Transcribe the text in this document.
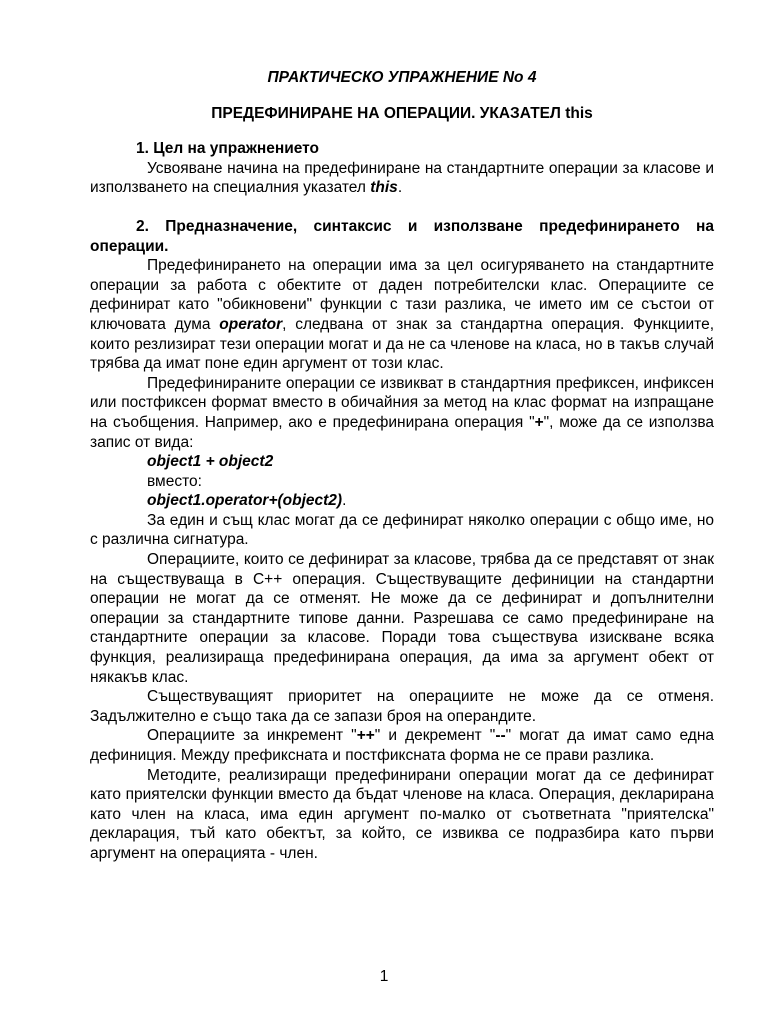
ПРАКТИЧЕСКО УПРАЖНЕНИЕ No 4
ПРЕДЕФИНИРАНЕ НА ОПЕРАЦИИ. УКАЗАТЕЛ this
1. Цел на упражнението

Усвояване начина на предефиниране на стандартните операции за класове и използването на специалния указател this.

2. Предназначение, синтаксис и използване предефинирането на операции.

Предефинирането на операции има за цел осигуряването на стандартните операции за работа с обектите от даден потребителски клас. Операциите се дефинират като "обикновени" функции с тази разлика, че името им се състои от ключовата дума operator, следвана от знак за стандартна операция. Функциите, които резлизират тези операции могат и да не са членове на класа, но в такъв случай трябва да имат поне един аргумент от този клас.

Предефинираните операции се извикват в стандартния префиксен, инфиксен или постфиксен формат вместо в обичайния за метод на клас формат на изпращане на съобщения. Например, ако е предефинирана операция "+", може да се използва запис от вида:

object1 + object2
вместо:
object1.operator+(object2).

За един и същ клас могат да се дефинират няколко операции с общо име, но с различна сигнатура.

Операциите, които се дефинират за класове, трябва да се представят от знак на съществуваща в C++ операция. Съществуващите дефиниции на стандартни операции не могат да се отменят. Не може да се дефинират и допълнителни операции за стандартните типове данни. Разрешава се само предефиниране на стандартните операции за класове. Поради това съществува изискване всяка функция, реализираща предефинирана операция, да има за аргумент обект от някакъв клас.

Съществуващият приоритет на операциите не може да се отменя. Задължително е също така да се запази броя на операндите.

Операциите за инкремент "++" и декремент "--" могат да имат само една дефиниция. Между префиксната и постфиксната форма не се прави разлика.

Методите, реализиращи предефинирани операции могат да се дефинират като приятелски функции вместо да бъдат членове на класа. Операция, декларирана като член на класа, има един аргумент по-малко от съответната "приятелска" декларация, тъй като обектът, за който, се извиква се подразбира като първи аргумент на операцията - член.

1
